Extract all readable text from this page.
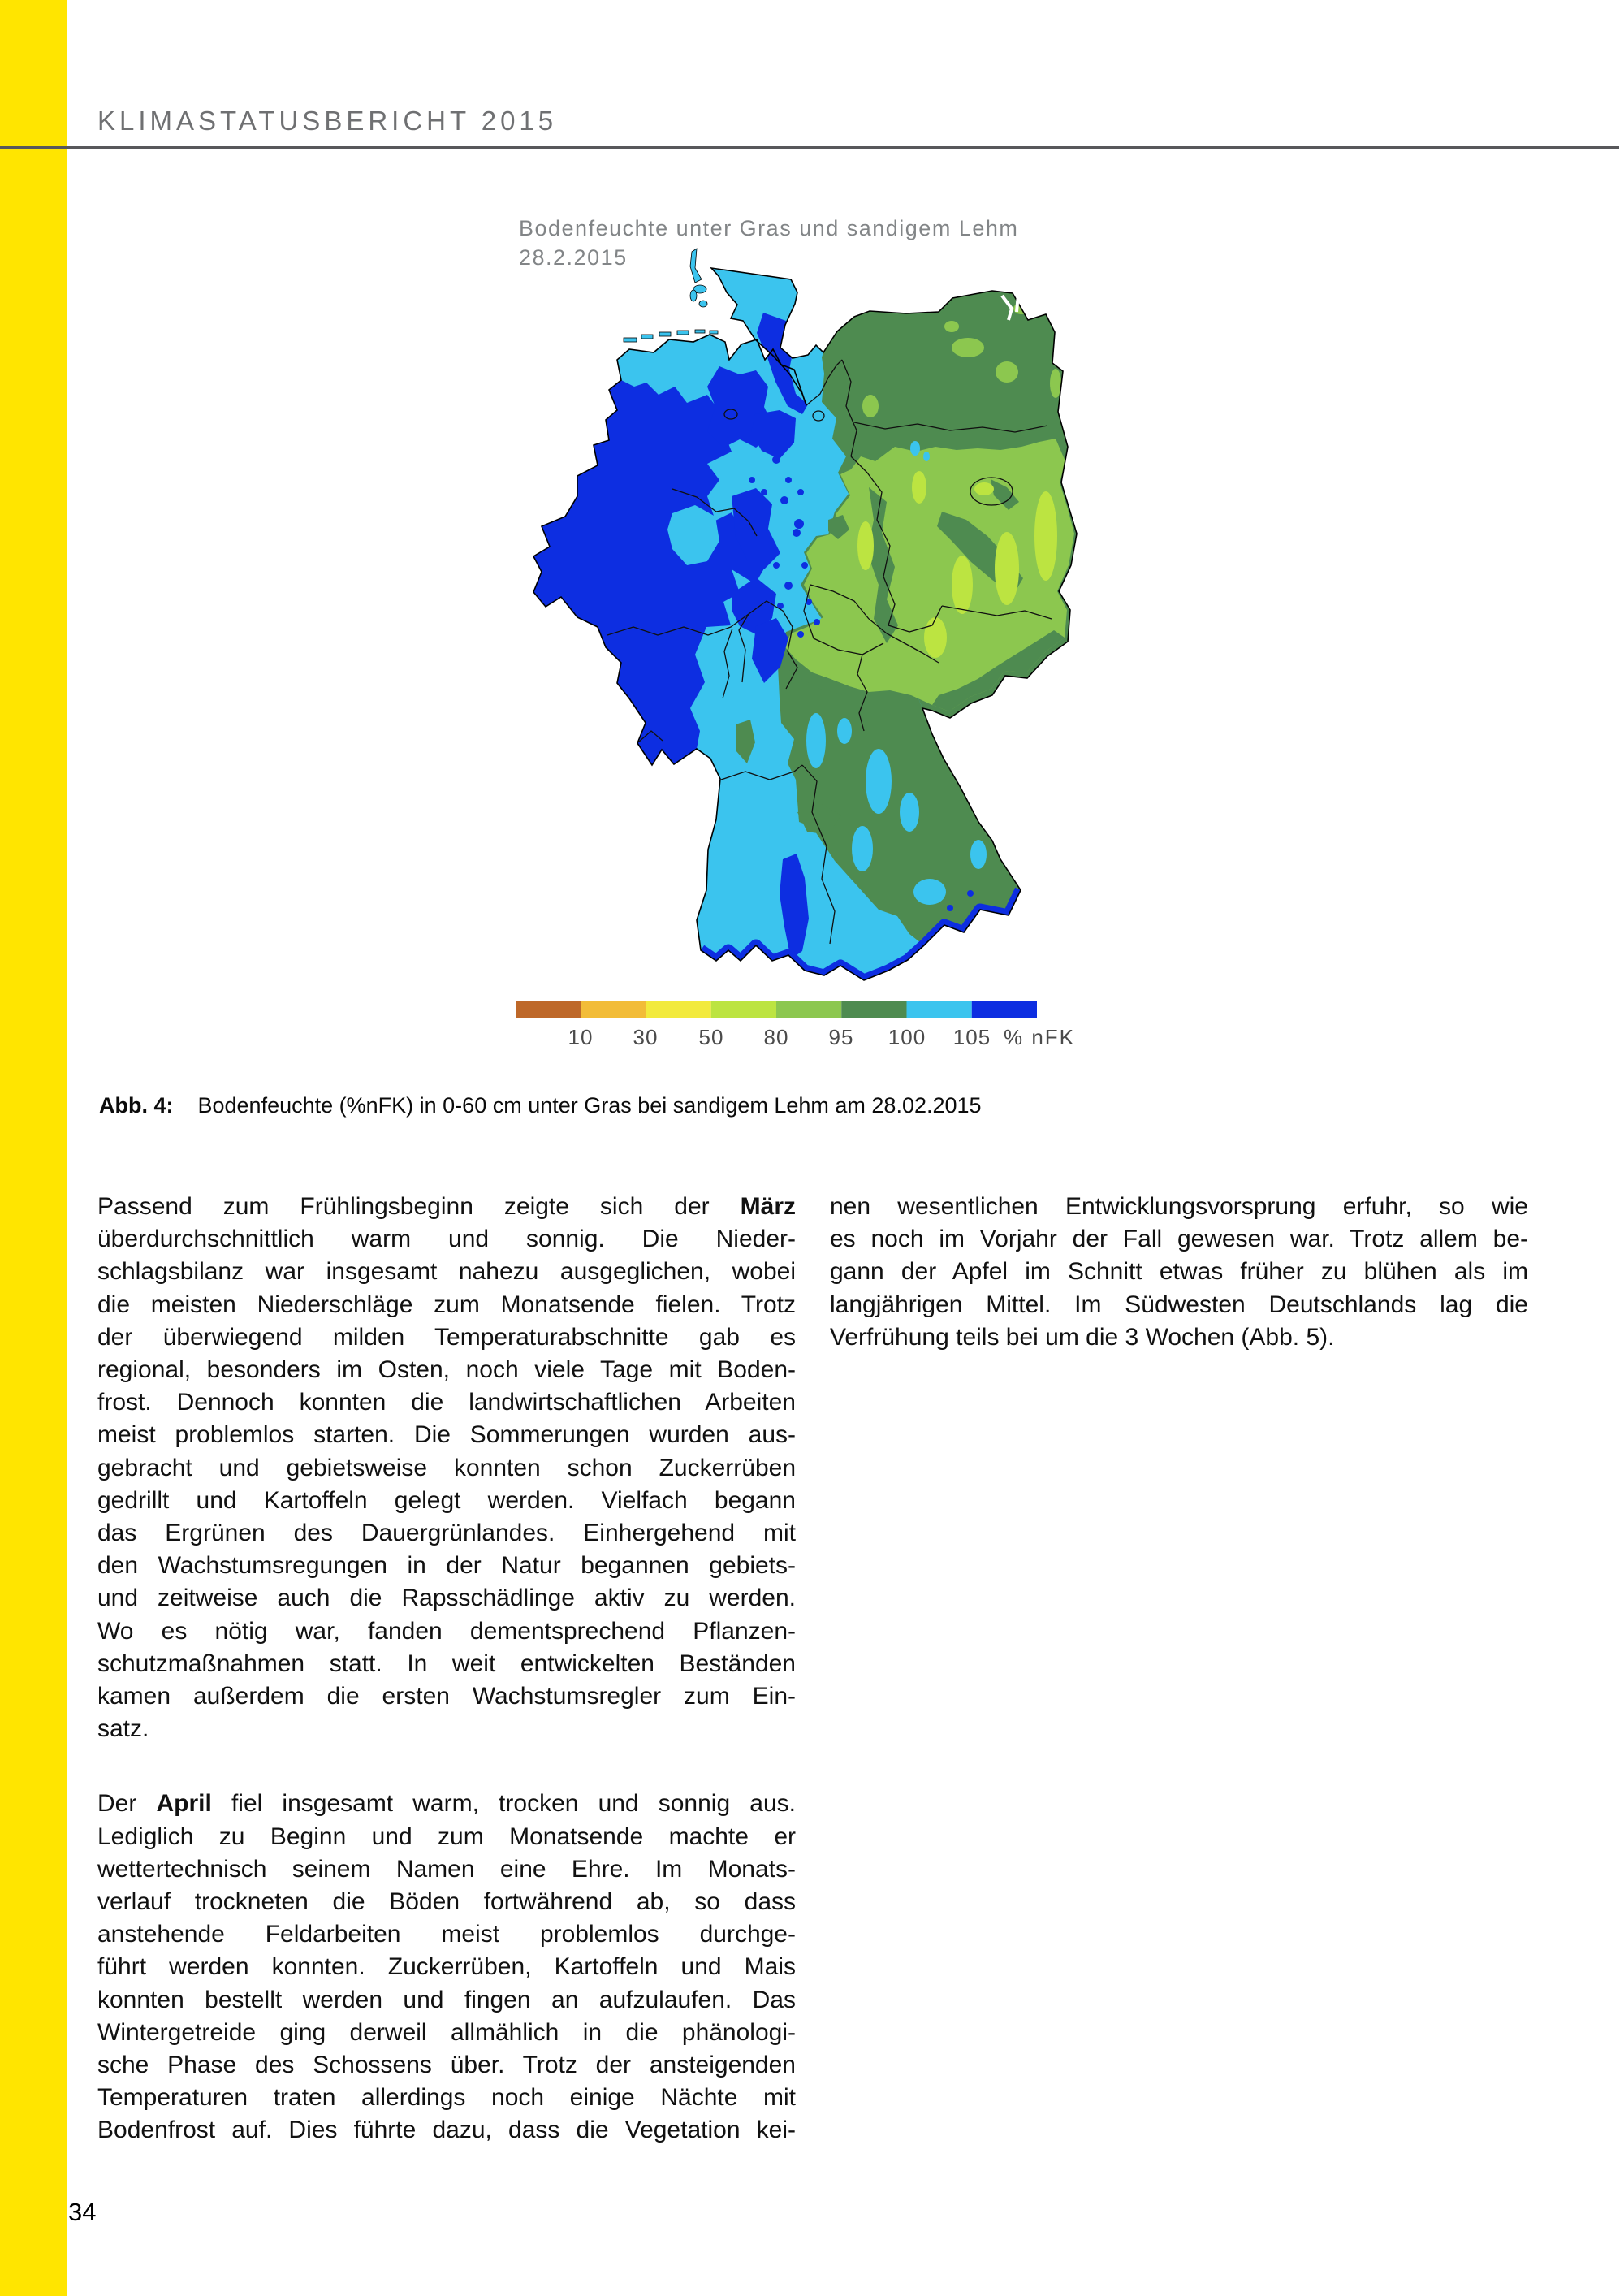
KLIMASTATUSBERICHT 2015
Bodenfeuchte unter Gras und sandigem Lehm
28.2.2015
10 30 50 80 95 100 105 % nFK
Abb. 4: Bodenfeuchte (%nFK) in 0-60 cm unter Gras bei sandigem Lehm am 28.02.2015
Passend zum Frühlingsbeginn zeigte sich der März
überdurchschnittlich warm und sonnig. Die Nieder-
schlagsbilanz war insgesamt nahezu ausgeglichen, wobei
die meisten Niederschläge zum Monatsende fielen. Trotz
der überwiegend milden Temperaturabschnitte gab es
regional, besonders im Osten, noch viele Tage mit Boden-
frost. Dennoch konnten die landwirtschaftlichen Arbeiten
meist problemlos starten. Die Sommerungen wurden aus-
gebracht und gebietsweise konnten schon Zuckerrüben
gedrillt und Kartoffeln gelegt werden. Vielfach begann
das Ergrünen des Dauergrünlandes. Einhergehend mit
den Wachstumsregungen in der Natur begannen gebiets-
und zeitweise auch die Rapsschädlinge aktiv zu werden.
Wo es nötig war, fanden dementsprechend Pflanzen-
schutzmaßnahmen statt. In weit entwickelten Beständen
kamen außerdem die ersten Wachstumsregler zum Ein-
satz.
Der April fiel insgesamt warm, trocken und sonnig aus.
Lediglich zu Beginn und zum Monatsende machte er
wettertechnisch seinem Namen eine Ehre. Im Monats-
verlauf trockneten die Böden fortwährend ab, so dass
anstehende Feldarbeiten meist problemlos durchge-
führt werden konnten. Zuckerrüben, Kartoffeln und Mais
konnten bestellt werden und fingen an aufzulaufen. Das
Wintergetreide ging derweil allmählich in die phänologi-
sche Phase des Schossens über. Trotz der ansteigenden
Temperaturen traten allerdings noch einige Nächte mit
Bodenfrost auf. Dies führte dazu, dass die Vegetation kei-
nen wesentlichen Entwicklungsvorsprung erfuhr, so wie
es noch im Vorjahr der Fall gewesen war. Trotz allem be-
gann der Apfel im Schnitt etwas früher zu blühen als im
langjährigen Mittel. Im Südwesten Deutschlands lag die
Verfrühung teils bei um die 3 Wochen (Abb. 5).
34
